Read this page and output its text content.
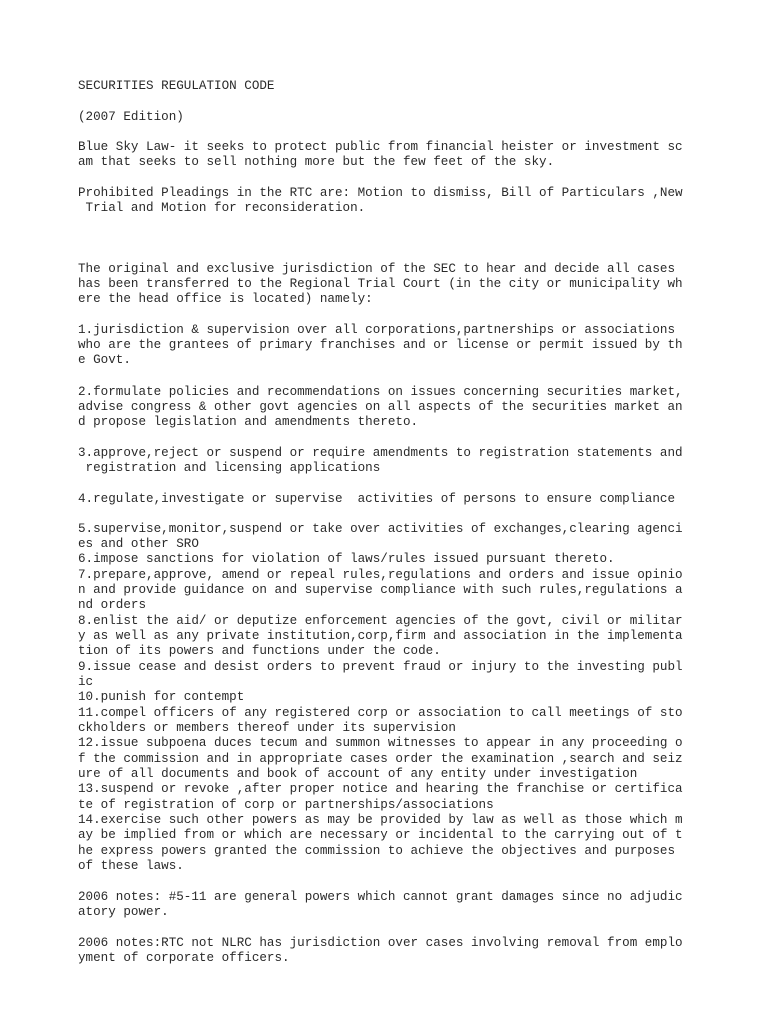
SECURITIES REGULATION CODE

(2007 Edition)

Blue Sky Law- it seeks to protect public from financial heister or investment sc

am that seeks to sell nothing more but the few feet of the sky.

Prohibited Pleadings in the RTC are: Motion to dismiss, Bill of Particulars ,New

Trial and Motion for reconsideration.

The original and exclusive jurisdiction of the SEC to hear and decide all cases

has been transferred to the Regional Trial Court (in the city or municipality wh

ere the head office is located) namely:

1.jurisdiction & supervision over all corporations,partnerships or associations

who are the grantees of primary franchises and or license or permit issued by th

e Govt.

2.formulate policies and recommendations on issues concerning securities market,

advise congress & other govt agencies on all aspects of the securities market an

d propose legislation and amendments thereto.

3.approve,reject or suspend or require amendments to registration statements and

registration and licensing applications

4.regulate,investigate or supervise  activities of persons to ensure compliance

5.supervise,monitor,suspend or take over activities of exchanges,clearing agenci

es and other SRO

6.impose sanctions for violation of laws/rules issued pursuant thereto.

7.prepare,approve, amend or repeal rules,regulations and orders and issue opinio

n and provide guidance on and supervise compliance with such rules,regulations a

nd orders

8.enlist the aid/ or deputize enforcement agencies of the govt, civil or militar

y as well as any private institution,corp,firm and association in the implementa

tion of its powers and functions under the code.

9.issue cease and desist orders to prevent fraud or injury to the investing publ

ic

10.punish for contempt

11.compel officers of any registered corp or association to call meetings of sto

ckholders or members thereof under its supervision

12.issue subpoena duces tecum and summon witnesses to appear in any proceeding o

f the commission and in appropriate cases order the examination ,search and seiz

ure of all documents and book of account of any entity under investigation

13.suspend or revoke ,after proper notice and hearing the franchise or certifica

te of registration of corp or partnerships/associations

14.exercise such other powers as may be provided by law as well as those which m

ay be implied from or which are necessary or incidental to the carrying out of t

he express powers granted the commission to achieve the objectives and purposes

of these laws.

2006 notes: #5-11 are general powers which cannot grant damages since no adjudic

atory power.

2006 notes:RTC not NLRC has jurisdiction over cases involving removal from emplo

yment of corporate officers.
